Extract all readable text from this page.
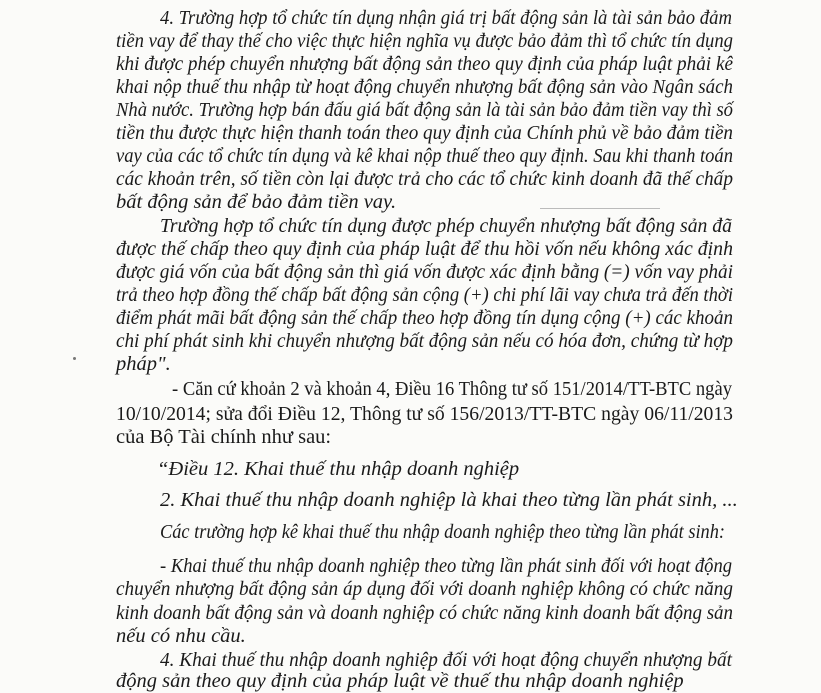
4. Trường hợp tổ chức tín dụng nhận giá trị bất động sản là tài sản bảo đảm
tiền vay để thay thế cho việc thực hiện nghĩa vụ được bảo đảm thì tổ chức tín dụng
khi được phép chuyển nhượng bất động sản theo quy định của pháp luật phải kê
khai nộp thuế thu nhập từ hoạt động chuyển nhượng bất động sản vào Ngân sách
Nhà nước. Trường hợp bán đấu giá bất động sản là tài sản bảo đảm tiền vay thì số
tiền thu được thực hiện thanh toán theo quy định của Chính phủ về bảo đảm tiền
vay của các tổ chức tín dụng và kê khai nộp thuế theo quy định. Sau khi thanh toán
các khoản trên, số tiền còn lại được trả cho các tổ chức kinh doanh đã thế chấp
bất động sản để bảo đảm tiền vay.
Trường hợp tổ chức tín dụng được phép chuyển nhượng bất động sản đã
được thế chấp theo quy định của pháp luật để thu hồi vốn nếu không xác định
được giá vốn của bất động sản thì giá vốn được xác định bằng (=) vốn vay phải
trả theo hợp đồng thế chấp bất động sản cộng (+) chi phí lãi vay chưa trả đến thời
điểm phát mãi bất động sản thế chấp theo hợp đồng tín dụng cộng (+) các khoản
chi phí phát sinh khi chuyển nhượng bất động sản nếu có hóa đơn, chứng từ hợp
pháp".
- Căn cứ khoản 2 và khoản 4, Điều 16 Thông tư số 151/2014/TT-BTC ngày
10/10/2014; sửa đổi Điều 12, Thông tư số 156/2013/TT-BTC ngày 06/11/2013
của Bộ Tài chính như sau:
“Điều 12. Khai thuế thu nhập doanh nghiệp
2. Khai thuế thu nhập doanh nghiệp là khai theo từng lần phát sinh, ...
Các trường hợp kê khai thuế thu nhập doanh nghiệp theo từng lần phát sinh:
- Khai thuế thu nhập doanh nghiệp theo từng lần phát sinh đối với hoạt động
chuyển nhượng bất động sản áp dụng đối với doanh nghiệp không có chức năng
kinh doanh bất động sản và doanh nghiệp có chức năng kinh doanh bất động sản
nếu có nhu cầu.
4. Khai thuế thu nhập doanh nghiệp đối với hoạt động chuyển nhượng bất
động sản theo quy định của pháp luật về thuế thu nhập doanh nghiệp
